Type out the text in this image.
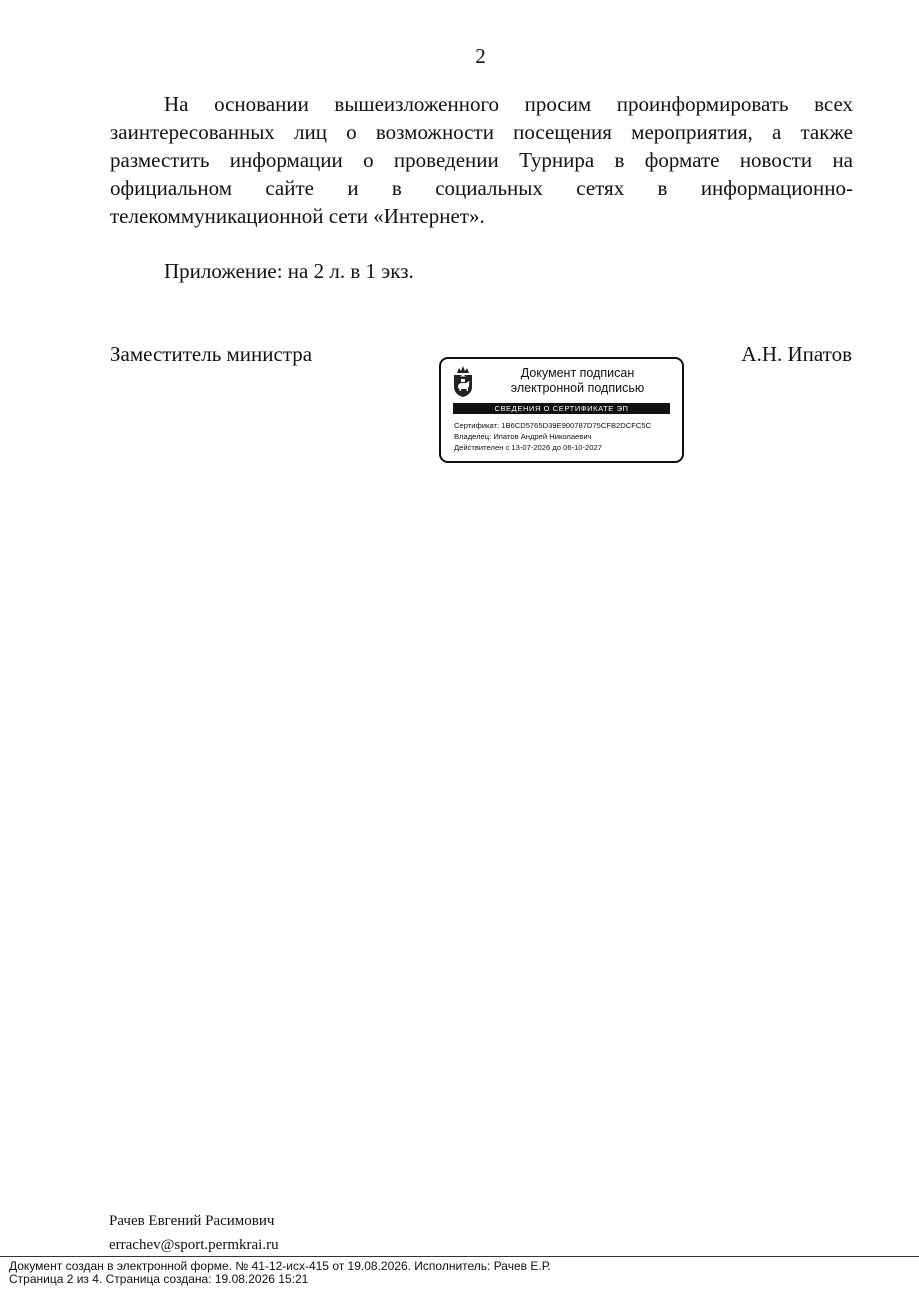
2

На основании вышеизложенного просим проинформировать всех заинтересованных лиц о возможности посещения мероприятия, а также разместить информации о проведении Турнира в формате новости на официальном сайте и в социальных сетях в информационно-телекоммуникационной сети «Интернет».

Приложение: на 2 л. в 1 экз.
Заместитель министра	А.Н. Ипатов
Документ подписан
электронной подписью
СВЕДЕНИЯ О СЕРТИФИКАТЕ ЭП
Сертификат: 1B6CD5765D39E900787D75CFB2DCFC5C
Владелец: Ипатов Андрей Николаевич
Действителен с 13-07-2026 до 06-10-2027
Рачев Евгений Расимович
errachev@sport.permkrai.ru
Документ создан в электронной форме. № 41-12-исх-415 от 19.08.2026. Исполнитель: Рачев Е.Р.
Страница 2 из 4. Страница создана: 19.08.2026 15:21
